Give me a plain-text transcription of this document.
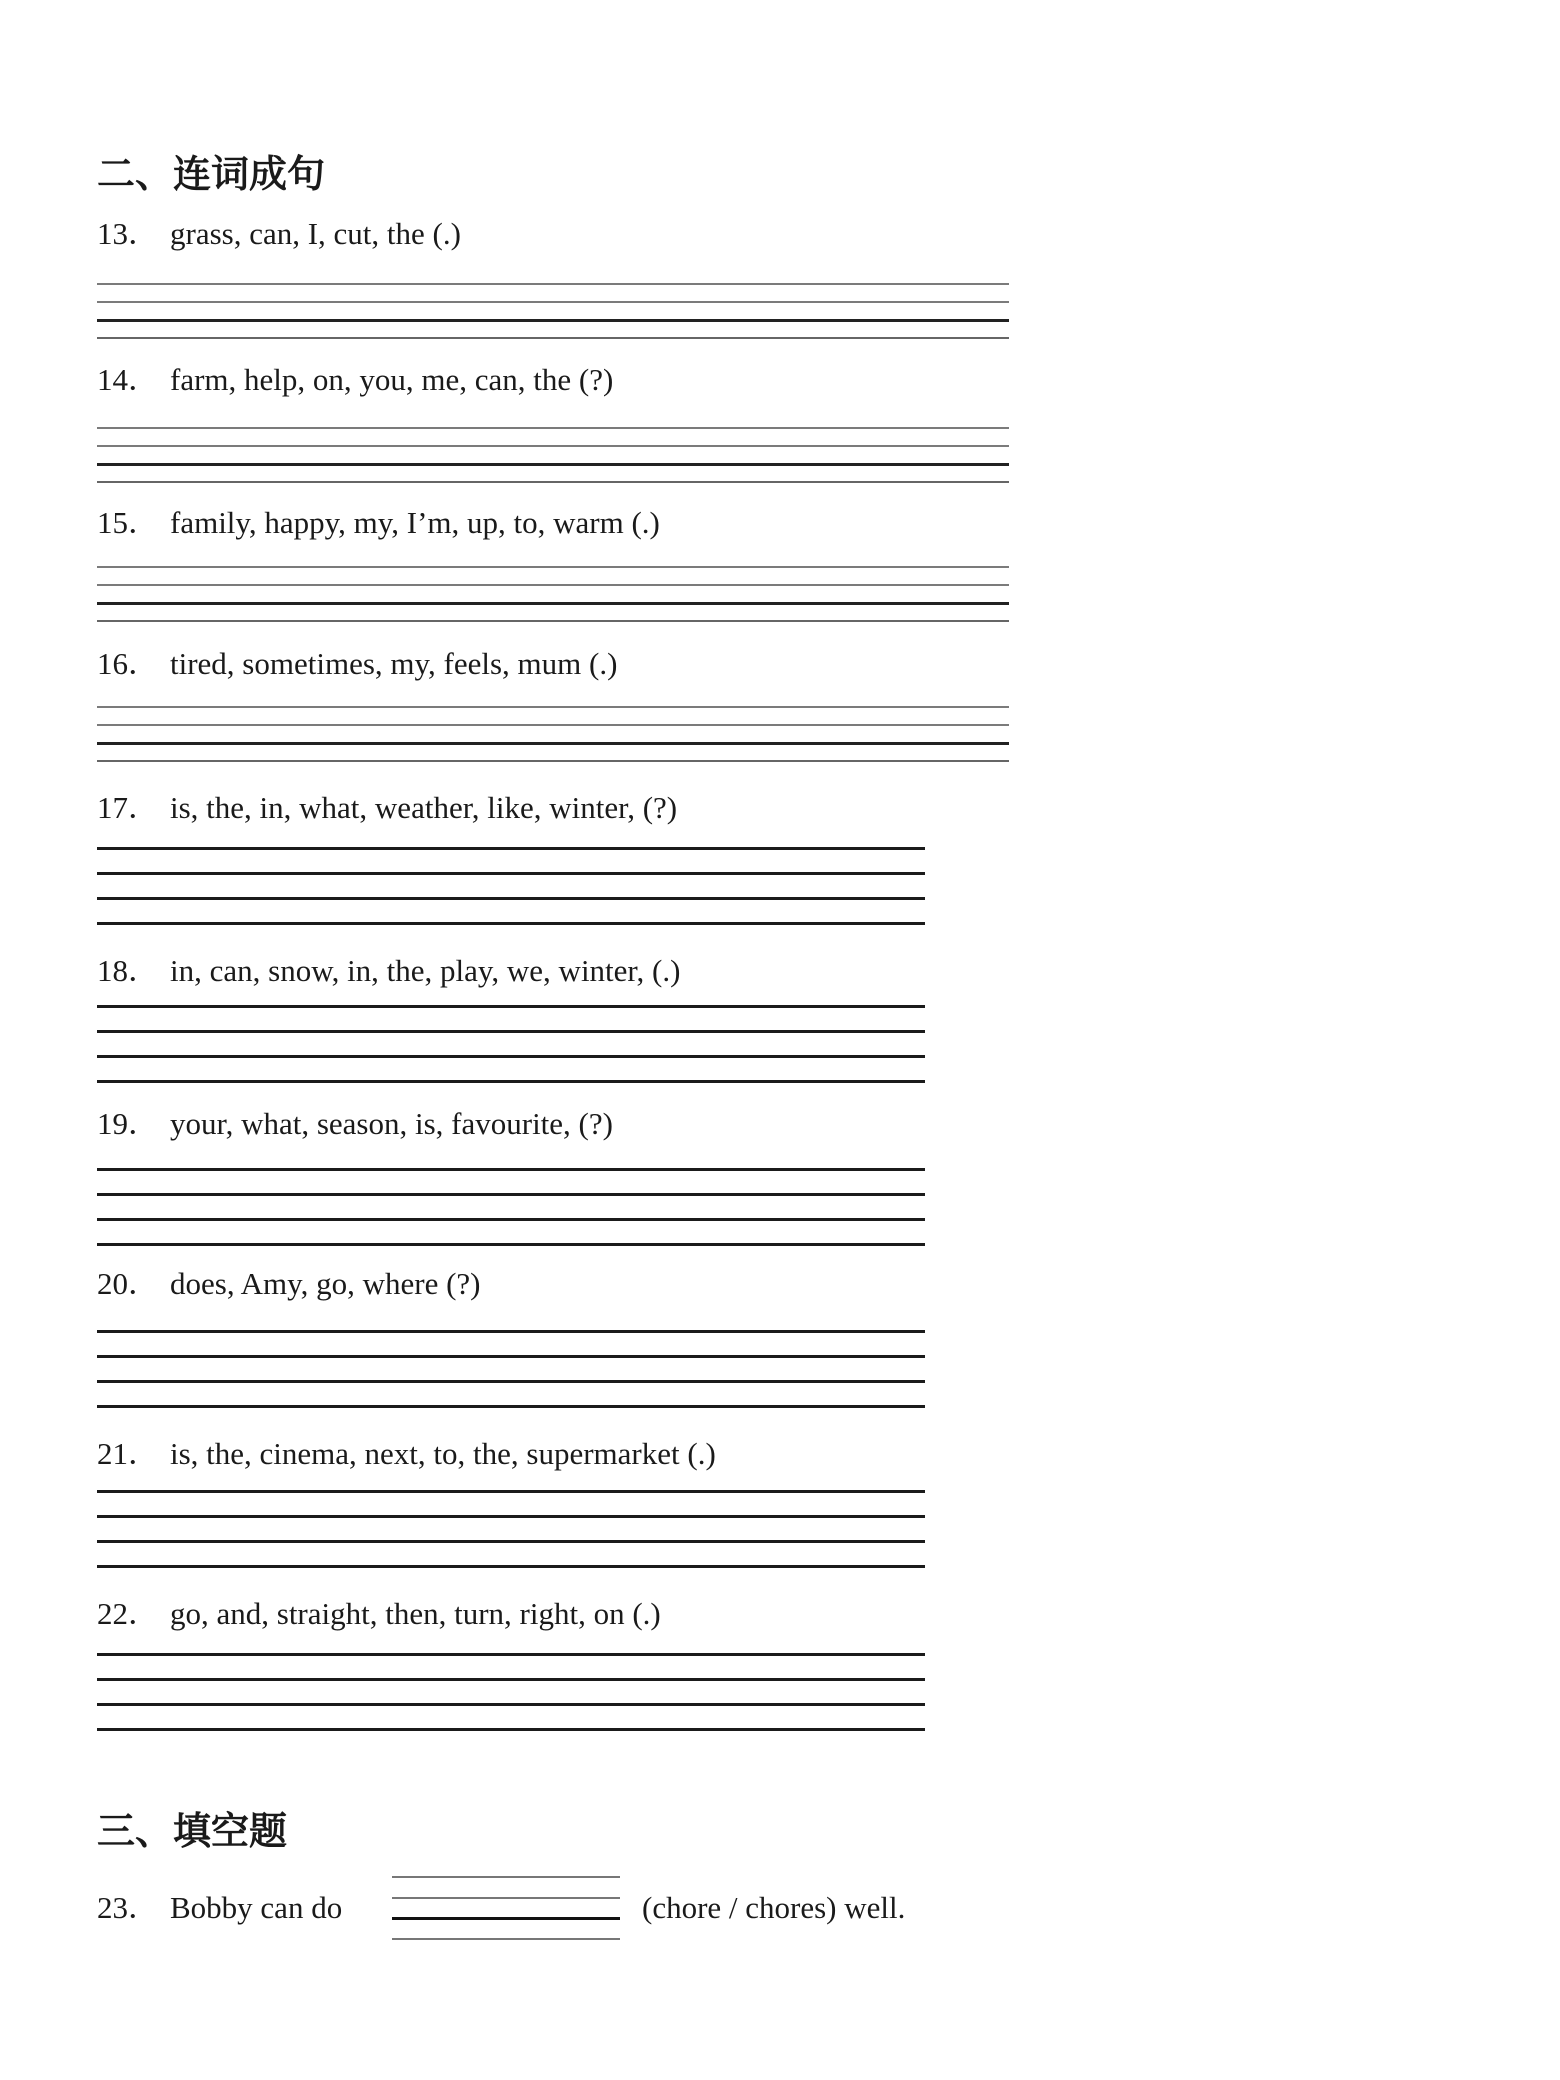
二、连词成句
13． grass, can, I, cut, the (.)
14． farm, help, on, you, me, can, the (?)
15． family, happy, my, I’m, up, to, warm (.)
16． tired, sometimes, my, feels, mum (.)
17． is, the, in, what, weather, like, winter, (?)
18． in, can, snow, in, the, play, we, winter, (.)
19． your, what, season, is, favourite, (?)
20． does, Amy, go, where (?)
21． is, the, cinema, next, to, the, supermarket (.)
22． go, and, straight, then, turn, right, on (.)
三、填空题
23． Bobby can do	(chore / chores) well.
